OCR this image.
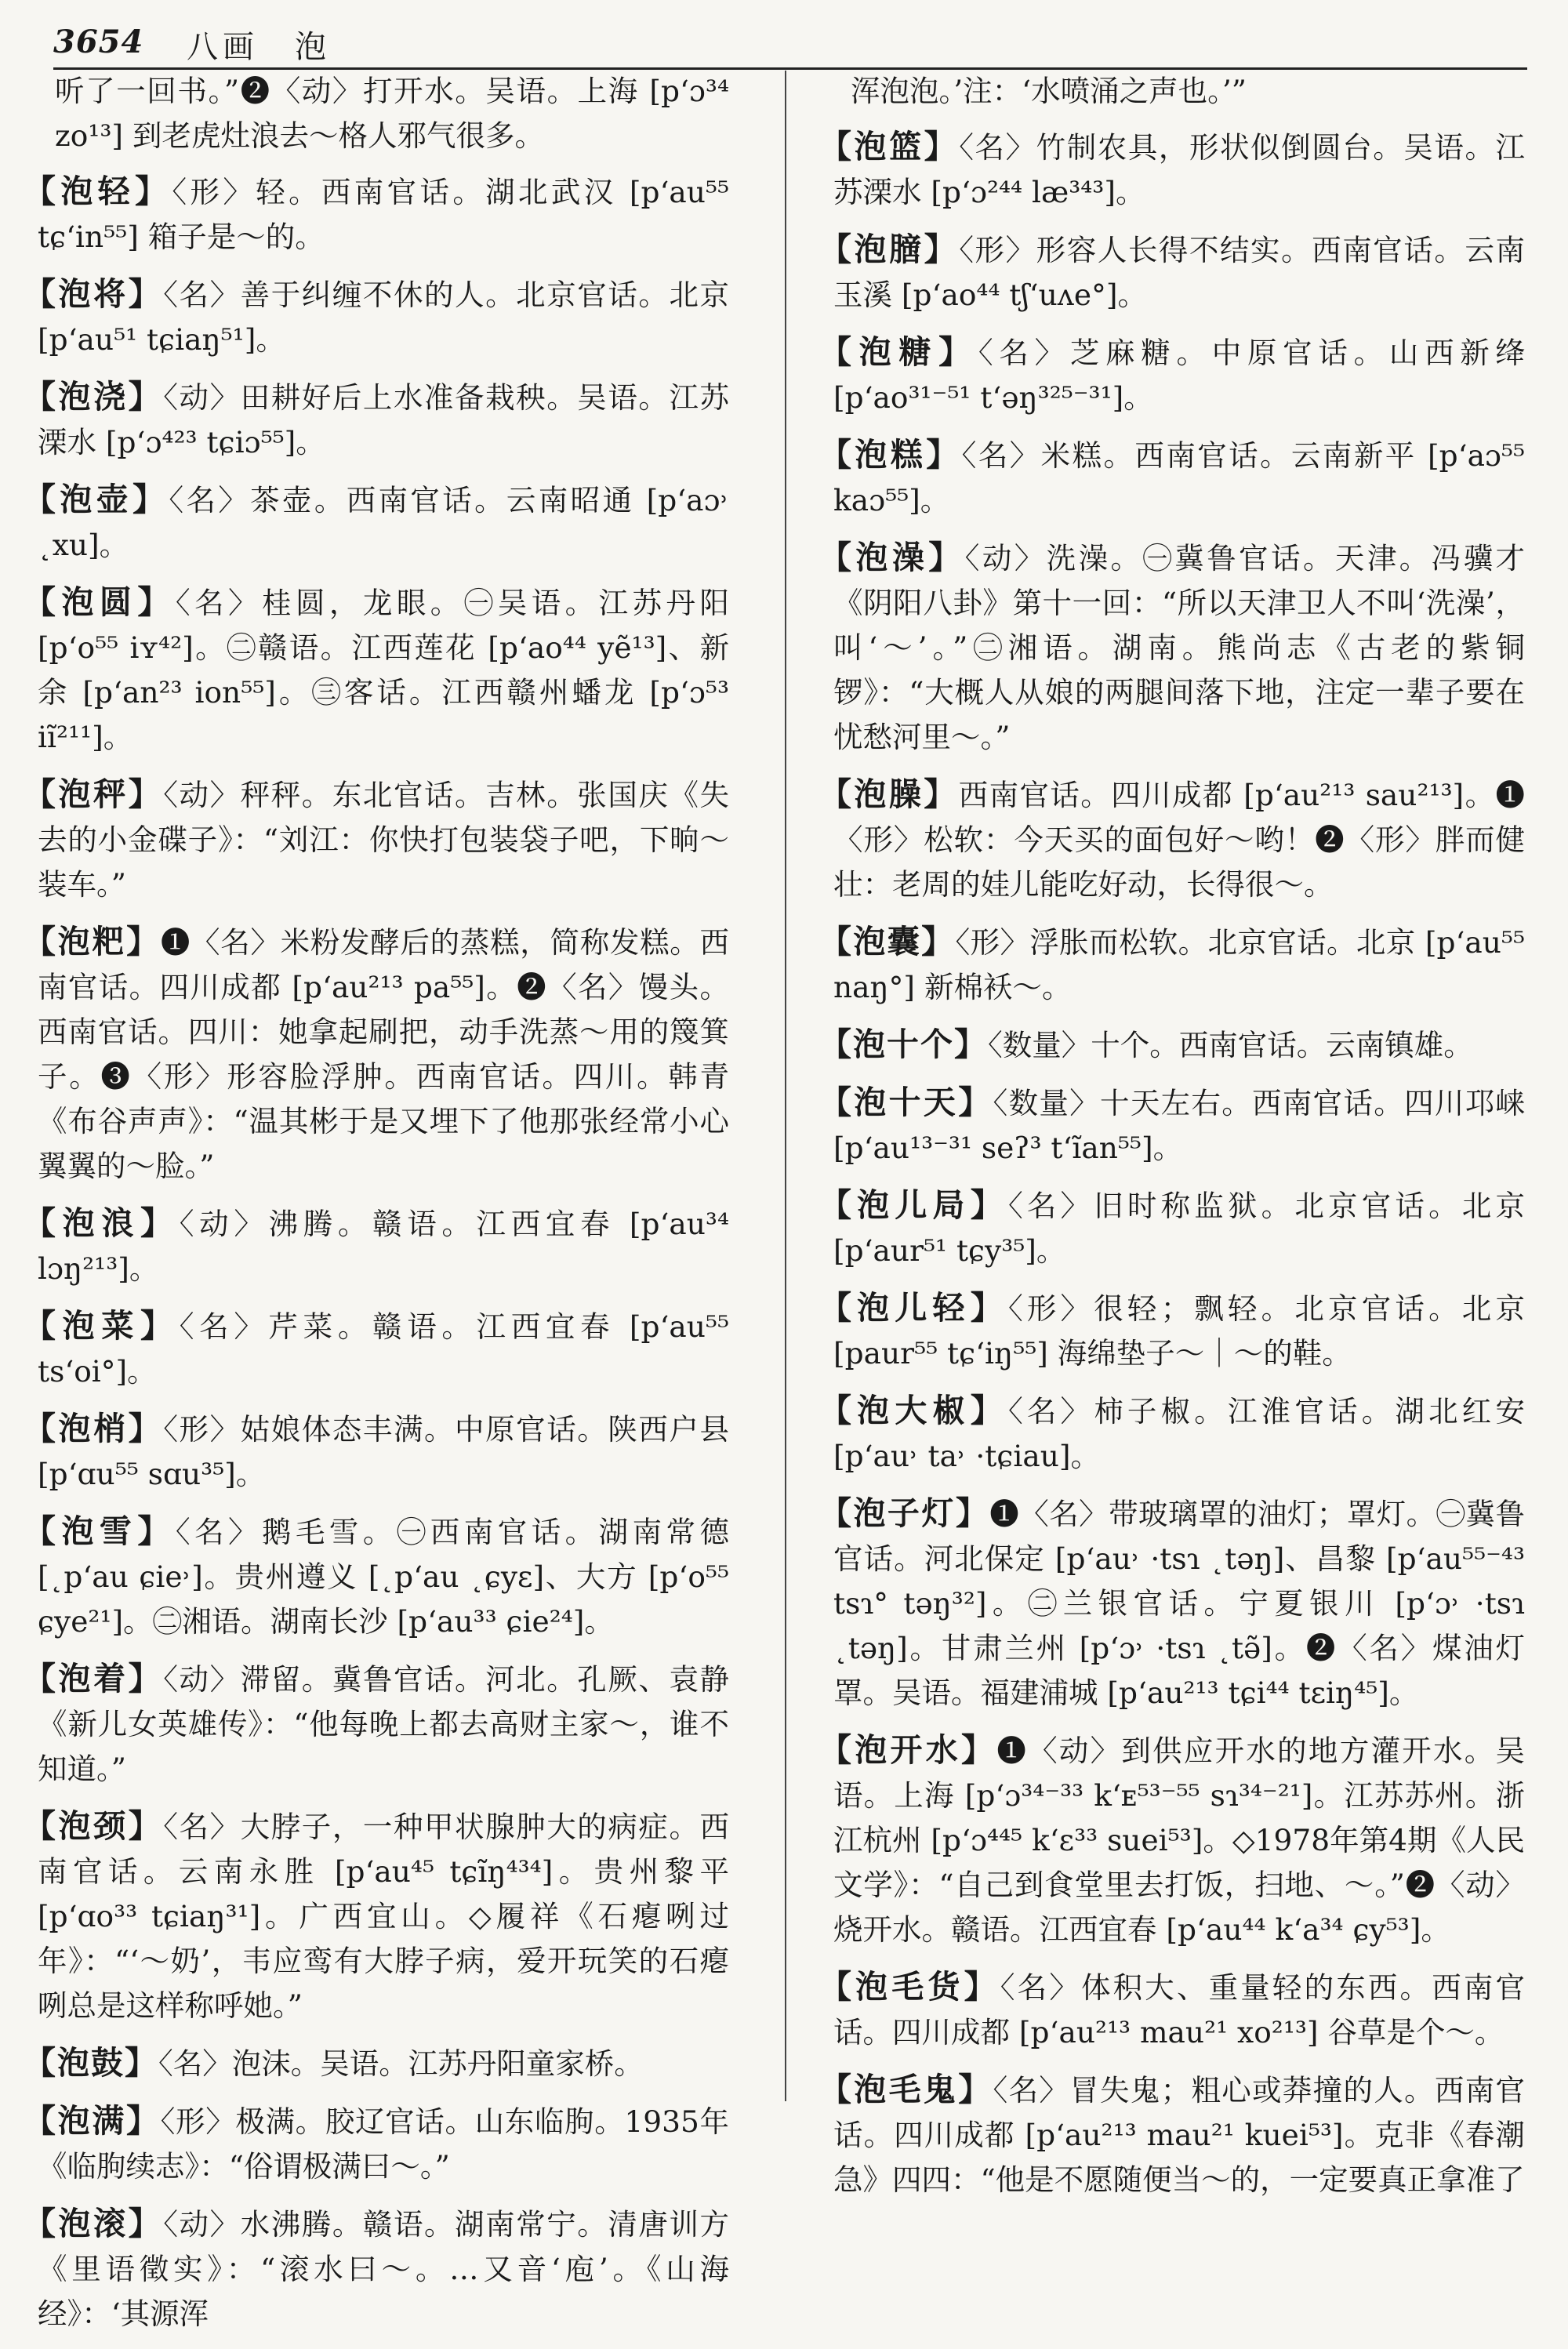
3654 八画　泡

听了一回书。”❷〈动〉打开水。吴语。上海 [pʻɔ³⁴ zo¹³] 到老虎灶浪去～格人邪气很多。

【泡轻】〈形〉轻。西南官话。湖北武汉 [pʻau⁵⁵ tɕʻin⁵⁵] 箱子是～的。

【泡将】〈名〉善于纠缠不休的人。北京官话。北京 [pʻau⁵¹ tɕiaŋ⁵¹]。

【泡浇】〈动〉田耕好后上水准备栽秧。吴语。江苏溧水 [pʻɔ⁴²³ tɕiɔ⁵⁵]。

【泡壶】〈名〉茶壶。西南官话。云南昭通 [pʻaɔ˒ ˛xu]。

【泡圆】〈名〉桂圆，龙眼。㊀吴语。江苏丹阳 [pʻo⁵⁵ iʏ⁴²]。㊁赣语。江西莲花 [pʻao⁴⁴ yẽ¹³]、新余 [pʻan²³ ion⁵⁵]。㊂客话。江西赣州蟠龙 [pʻɔ⁵³ iĩ²¹¹]。

【泡秤】〈动〉秤秤。东北官话。吉林。张国庆《失去的小金碟子》：“刘江：你快打包装袋子吧，下晌～装车。”

【泡粑】❶〈名〉米粉发酵后的蒸糕，简称发糕。西南官话。四川成都 [pʻau²¹³ pa⁵⁵]。❷〈名〉馒头。西南官话。四川：她拿起刷把，动手洗蒸～用的篾箕子。❸〈形〉形容脸浮肿。西南官话。四川。韩青《布谷声声》：“温其彬于是又埋下了他那张经常小心翼翼的～脸。”

【泡浪】〈动〉沸腾。赣语。江西宜春 [pʻau³⁴ lɔŋ²¹³]。

【泡菜】〈名〉芹菜。赣语。江西宜春 [pʻau⁵⁵ tsʻoi°]。

【泡梢】〈形〉姑娘体态丰满。中原官话。陕西户县 [pʻɑu⁵⁵ sɑu³⁵]。

【泡雪】〈名〉鹅毛雪。㊀西南官话。湖南常德 [˛pʻau ɕie˒]。贵州遵义 [˛pʻau ˛ɕyɛ]、大方 [pʻo⁵⁵ ɕye²¹]。㊁湘语。湖南长沙 [pʻau³³ ɕie²⁴]。

【泡着】〈动〉滞留。冀鲁官话。河北。孔厥、袁静《新儿女英雄传》：“他每晚上都去高财主家～，谁不知道。”

【泡颈】〈名〉大脖子，一种甲状腺肿大的病症。西南官话。云南永胜 [pʻau⁴⁵ tɕĩŋ⁴³⁴]。贵州黎平 [pʻɑo³³ tɕiaŋ³¹]。广西宜山。◇履祥《石瘪咧过年》：“‘～奶’，韦应鸾有大脖子病，爱开玩笑的石瘪咧总是这样称呼她。”

【泡鼓】〈名〉泡沫。吴语。江苏丹阳童家桥。

【泡满】〈形〉极满。胶辽官话。山东临朐。1935年《临朐续志》：“俗谓极满曰～。”

【泡滚】〈动〉水沸腾。赣语。湖南常宁。清唐训方《里语徵实》：“滚水曰～。…又音‘庖’。《山海经》：‘其源浑

浑泡泡。’注：‘水喷涌之声也。’”

【泡篮】〈名〉竹制农具，形状似倒圆台。吴语。江苏溧水 [pʻɔ²⁴⁴ læ³⁴³]。

【泡膪】〈形〉形容人长得不结实。西南官话。云南玉溪 [pʻao⁴⁴ tʃʻuʌe°]。

【泡糖】〈名〉芝麻糖。中原官话。山西新绛 [pʻao³¹⁻⁵¹ tʻəŋ³²⁵⁻³¹]。

【泡糕】〈名〉米糕。西南官话。云南新平 [pʻaɔ⁵⁵ kaɔ⁵⁵]。

【泡澡】〈动〉洗澡。㊀冀鲁官话。天津。冯骥才《阴阳八卦》第十一回：“所以天津卫人不叫‘洗澡’，叫‘～’。”㊁湘语。湖南。熊尚志《古老的紫铜锣》：“大概人从娘的两腿间落下地，注定一辈子要在忧愁河里～。”

【泡臊】西南官话。四川成都 [pʻau²¹³ sau²¹³]。❶〈形〉松软：今天买的面包好～哟！❷〈形〉胖而健壮：老周的娃儿能吃好动，长得很～。

【泡囊】〈形〉浮胀而松软。北京官话。北京 [pʻau⁵⁵ naŋ°] 新棉袄～。

【泡十个】〈数量〉十个。西南官话。云南镇雄。

【泡十天】〈数量〉十天左右。西南官话。四川邛崃 [pʻau¹³⁻³¹ seʔ³ tʻĩan⁵⁵]。

【泡儿局】〈名〉旧时称监狱。北京官话。北京 [pʻaur⁵¹ tɕy³⁵]。

【泡儿轻】〈形〉很轻；飘轻。北京官话。北京 [paur⁵⁵ tɕʻiŋ⁵⁵] 海绵垫子～｜～的鞋。

【泡大椒】〈名〉柿子椒。江淮官话。湖北红安 [pʻau˒ ta˒ ·tɕiau]。

【泡子灯】❶〈名〉带玻璃罩的油灯；罩灯。㊀冀鲁官话。河北保定 [pʻau˒ ·tsɿ ˛təŋ]、昌黎 [pʻau⁵⁵⁻⁴³ tsɿ° təŋ³²]。㊁兰银官话。宁夏银川 [pʻɔ˒ ·tsɿ ˛təŋ]。甘肃兰州 [pʻɔ˒ ·tsɿ ˛tə̃]。❷〈名〉煤油灯罩。吴语。福建浦城 [pʻau²¹³ tɕi⁴⁴ tɛiŋ⁴⁵]。

【泡开水】❶〈动〉到供应开水的地方灌开水。吴语。上海 [pʻɔ³⁴⁻³³ kʻᴇ⁵³⁻⁵⁵ sɿ³⁴⁻²¹]。江苏苏州。浙江杭州 [pʻɔ⁴⁴⁵ kʻɛ³³ suei⁵³]。◇1978年第4期《人民文学》：“自己到食堂里去打饭，扫地、～。”❷〈动〉烧开水。赣语。江西宜春 [pʻau⁴⁴ kʻa³⁴ ɕy⁵³]。

【泡毛货】〈名〉体积大、重量轻的东西。西南官话。四川成都 [pʻau²¹³ mau²¹ xo²¹³] 谷草是个～。

【泡毛鬼】〈名〉冒失鬼；粗心或莽撞的人。西南官话。四川成都 [pʻau²¹³ mau²¹ kuei⁵³]。克非《春潮急》四四：“他是不愿随便当～的，一定要真正拿准了
